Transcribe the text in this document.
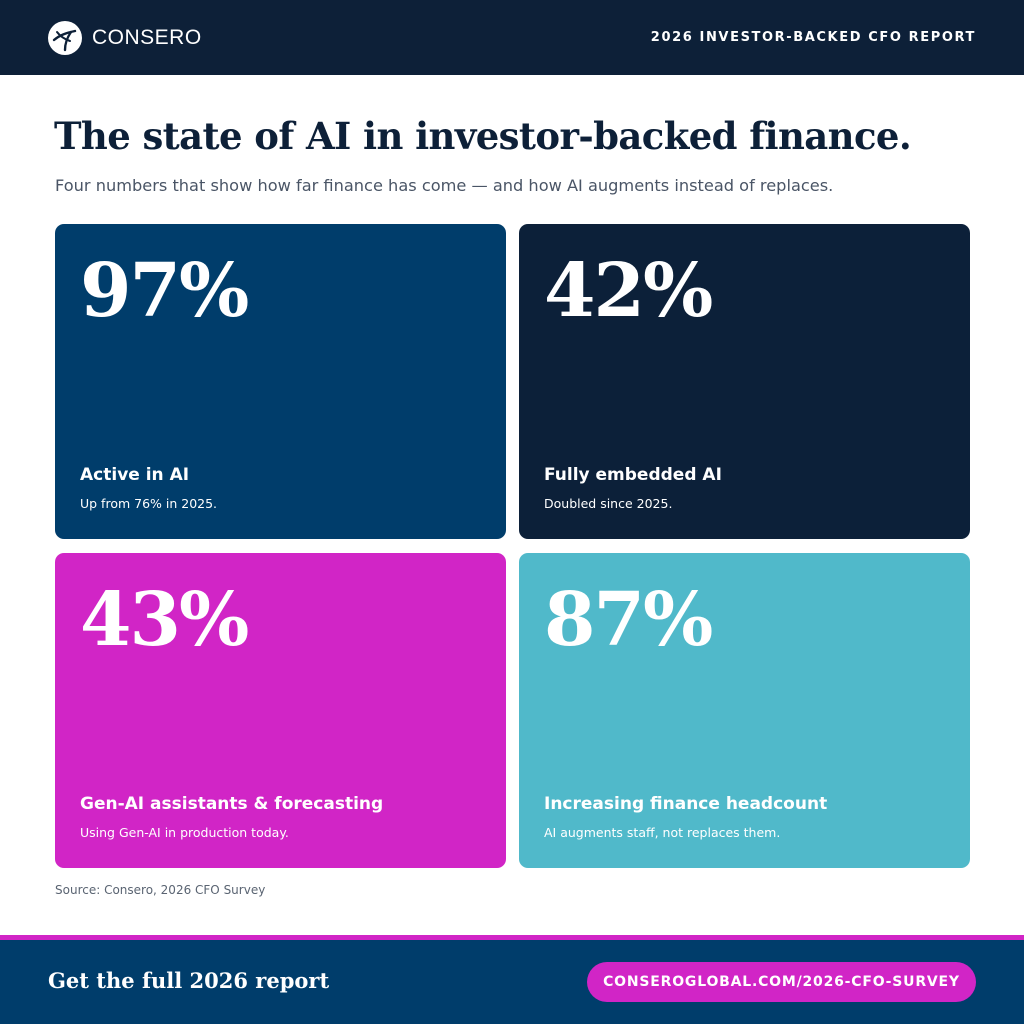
CONSERO	2026 INVESTOR-BACKED CFO REPORT
The state of AI in investor-backed finance.

Four numbers that show how far finance has come — and how AI augments instead of replaces.

97%
Active in AI
Up from 76% in 2025.
42%
Fully embedded AI
Doubled since 2025.
43%
Gen-AI assistants & forecasting
Using Gen-AI in production today.
87%
Increasing finance headcount
AI augments staff, not replaces them.

Source: Consero, 2026 CFO Survey

Get the full 2026 report	CONSEROGLOBAL.COM/2026-CFO-SURVEY
